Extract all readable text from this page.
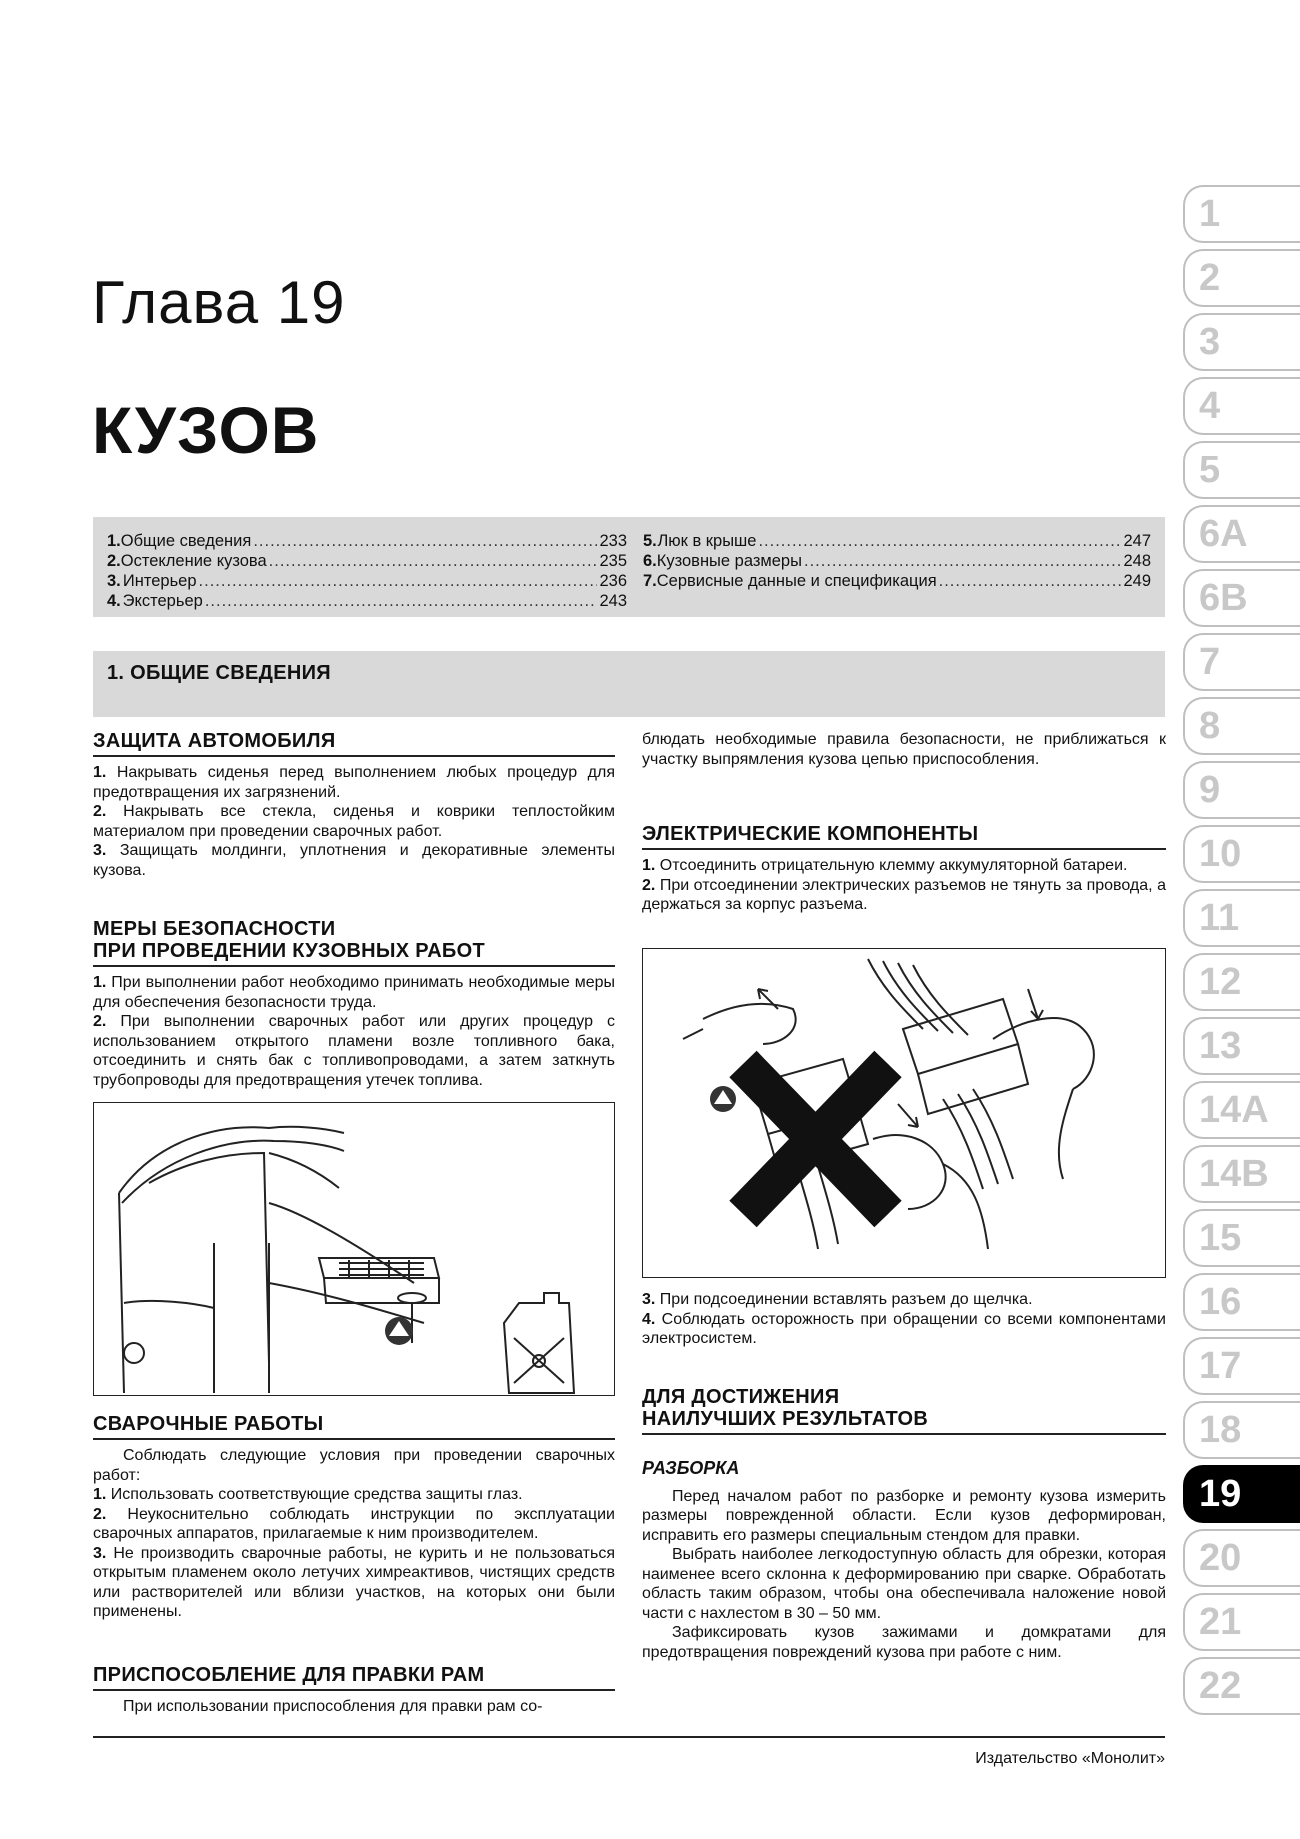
Глава 19
КУЗОВ
1. Общие сведения .....	233
2. Остекление кузова .....	235
3. Интерьер .....	236
4. Экстерьер .....	243
5. Люк в крыше .....	247
6. Кузовные размеры .....	248
7. Сервисные данные и спецификация .....	249
1. ОБЩИЕ СВЕДЕНИЯ
ЗАЩИТА АВТОМОБИЛЯ

1. Накрывать сиденья перед выполнением любых процедур для предотвращения их загрязнений.

2. Накрывать все стекла, сиденья и коврики теплостойким материалом при проведении сварочных работ.

3. Защищать молдинги, уплотнения и декоративные элементы кузова.

МЕРЫ БЕЗОПАСНОСТИ
ПРИ ПРОВЕДЕНИИ КУЗОВНЫХ РАБОТ

1. При выполнении работ необходимо принимать необходимые меры для обеспечения безопасности труда.

2. При выполнении сварочных работ или других процедур с использованием открытого пламени возле топливного бака, отсоединить и снять бак с топливопроводами, а затем заткнуть трубопроводы для предотвращения утечек топлива.

СВАРОЧНЫЕ РАБОТЫ

Соблюдать следующие условия при проведении сварочных работ:

1. Использовать соответствующие средства защиты глаз.

2. Неукоснительно соблюдать инструкции по эксплуатации сварочных аппаратов, прилагаемые к ним производителем.

3. Не производить сварочные работы, не курить и не пользоваться открытым пламенем около летучих химреактивов, чистящих средств или растворителей или вблизи участков, на которых они были применены.

ПРИСПОСОБЛЕНИЕ ДЛЯ ПРАВКИ РАМ

При использовании приспособления для правки рам со-

блюдать необходимые правила безопасности, не приближаться к участку выпрямления кузова цепью приспособления.

ЭЛЕКТРИЧЕСКИЕ КОМПОНЕНТЫ

1. Отсоединить отрицательную клемму аккумуляторной батареи.

2. При отсоединении электрических разъемов не тянуть за провода, а держаться за корпус разъема.

3. При подсоединении вставлять разъем до щелчка.

4. Соблюдать осторожность при обращении со всеми компонентами электросистем.

ДЛЯ ДОСТИЖЕНИЯ
НАИЛУЧШИХ РЕЗУЛЬТАТОВ

РАЗБОРКА

Перед началом работ по разборке и ремонту кузова измерить размеры поврежденной области. Если кузов деформирован, исправить его размеры специальным стендом для правки.

Выбрать наиболее легкодоступную область для обрезки, которая наименее всего склонна к деформированию при сварке. Обработать область таким образом, чтобы она обеспечивала наложение новой части с нахлестом в 30 – 50 мм.

Зафиксировать кузов зажимами и домкратами для предотвращения повреждений кузова при работе с ним.

Издательство «Монолит»
1
2
3
4
5
6A
6B
7
8
9
10
11
12
13
14A
14B
15
16
17
18
19
20
21
22
